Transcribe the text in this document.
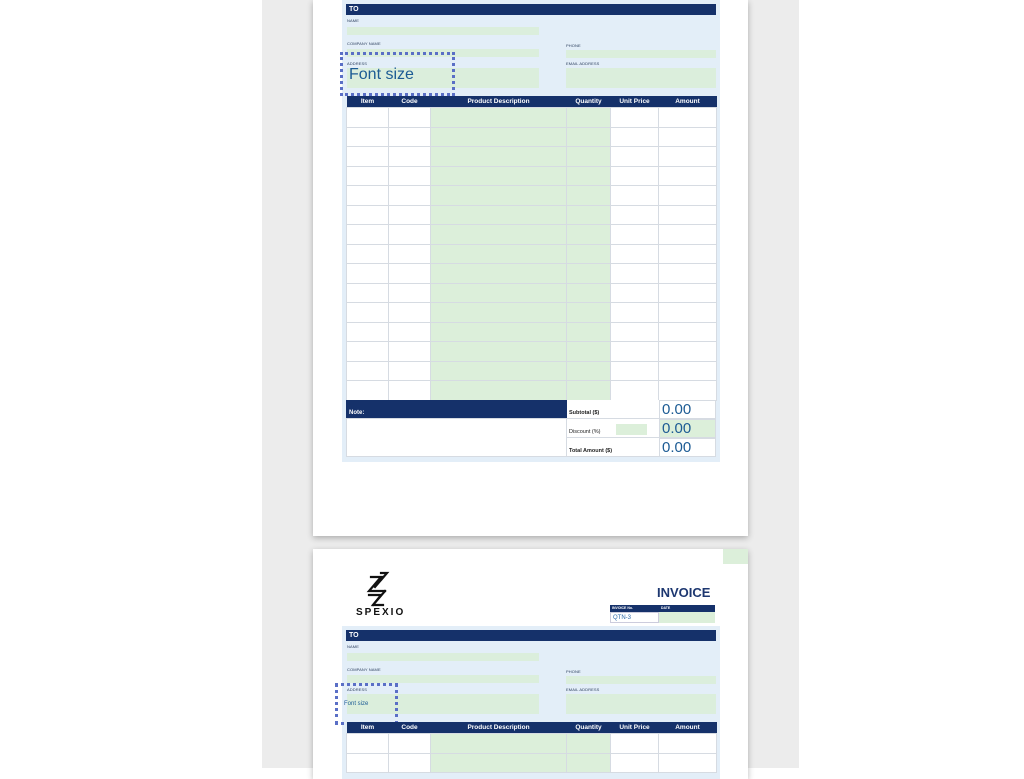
TO
NAME
COMPANY NAME	PHONE
ADDRESS	EMAIL ADDRESS
Font size
Item	Code	Product Description	Quantity	Unit Price	Amount

Note:	Subtotal ($)	0.00
Discount (%)	0.00
Total Amount ($)	0.00
SPEXIO
INVOICE
INVOICE No.	DATE
QTN-3
TO
NAME
COMPANY NAME	PHONE
ADDRESS	EMAIL ADDRESS
Font size
Item	Code	Product Description	Quantity	Unit Price	Amount
